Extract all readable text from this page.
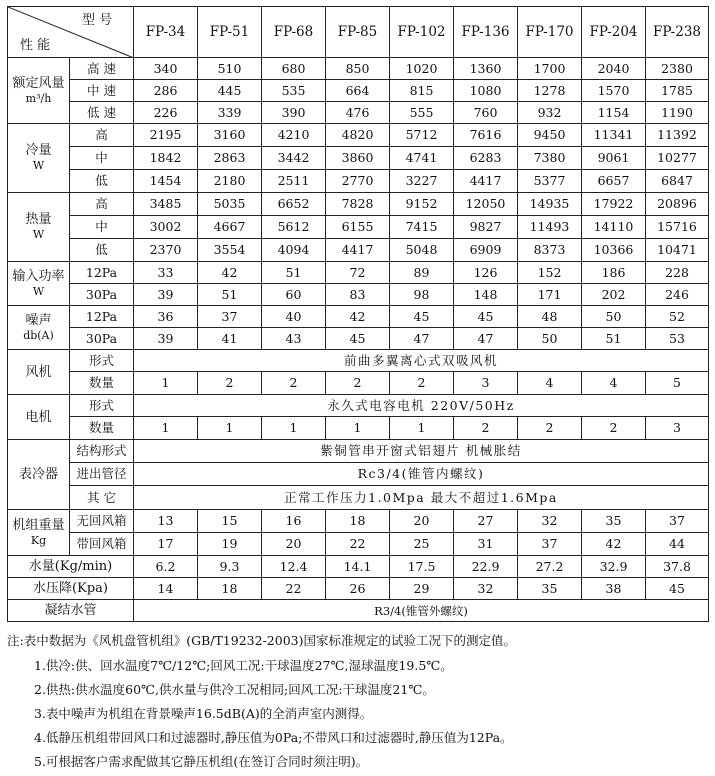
型 号
性 能		FP-34	FP-51	FP-68	FP-85	FP-102	FP-136	FP-170	FP-204	FP-238
额定风量
m³/h	高 速	340	510	680	850	1020	1360	1700	2040	2380
	中 速	286	445	535	664	815	1080	1278	1570	1785
	低 速	226	339	390	476	555	760	932	1154	1190
冷量
W	高	2195	3160	4210	4820	5712	7616	9450	11341	11392
	中	1842	2863	3442	3860	4741	6283	7380	9061	10277
	低	1454	2180	2511	2770	3227	4417	5377	6657	6847
热量
W	高	3485	5035	6652	7828	9152	12050	14935	17922	20896
	中	3002	4667	5612	6155	7415	9827	11493	14110	15716
	低	2370	3554	4094	4417	5048	6909	8373	10366	10471
输入功率
W	12Pa	33	42	51	72	89	126	152	186	228
	30Pa	39	51	60	83	98	148	171	202	246
噪声
db(A)	12Pa	36	37	40	42	45	45	48	50	52
	30Pa	39	41	43	45	47	47	50	51	53
风机	形式	前曲多翼离心式双吸风机								
	数量	1	2	2	2	2	3	4	4	5
电机	形式	永久式电容电机 220V/50Hz								
	数量	1	1	1	1	1	2	2	2	3
表冷器	结构形式	紫铜管串开窗式铝翅片 机械胀结								
	进出管径	Rc3/4(锥管内螺纹)								
	其 它	正常工作压力1.0Mpa 最大不超过1.6Mpa								
机组重量
Kg	无回风箱	13	15	16	18	20	27	32	35	37
	带回风箱	17	19	20	22	25	31	37	42	44
水量(Kg/min)		6.2	9.3	12.4	14.1	17.5	22.9	27.2	32.9	37.8
水压降(Kpa)		14	18	22	26	29	32	35	38	45
凝结水管		R3/4(锥管外螺纹)								
注:表中数据为《风机盘管机组》(GB/T19232-2003)国家标准规定的试验工况下的测定值。
1.供冷:供、回水温度7℃/12℃;回风工况:干球温度27℃,湿球温度19.5℃。
2.供热:供水温度60℃,供水量与供冷工况相同;回风工况:干球温度21℃。
3.表中噪声为机组在背景噪声16.5dB(A)的全消声室内测得。
4.低静压机组带回风口和过滤器时,静压值为0Pa;不带风口和过滤器时,静压值为12Pa。
5.可根据客户需求配做其它静压机组(在签订合同时须注明)。
